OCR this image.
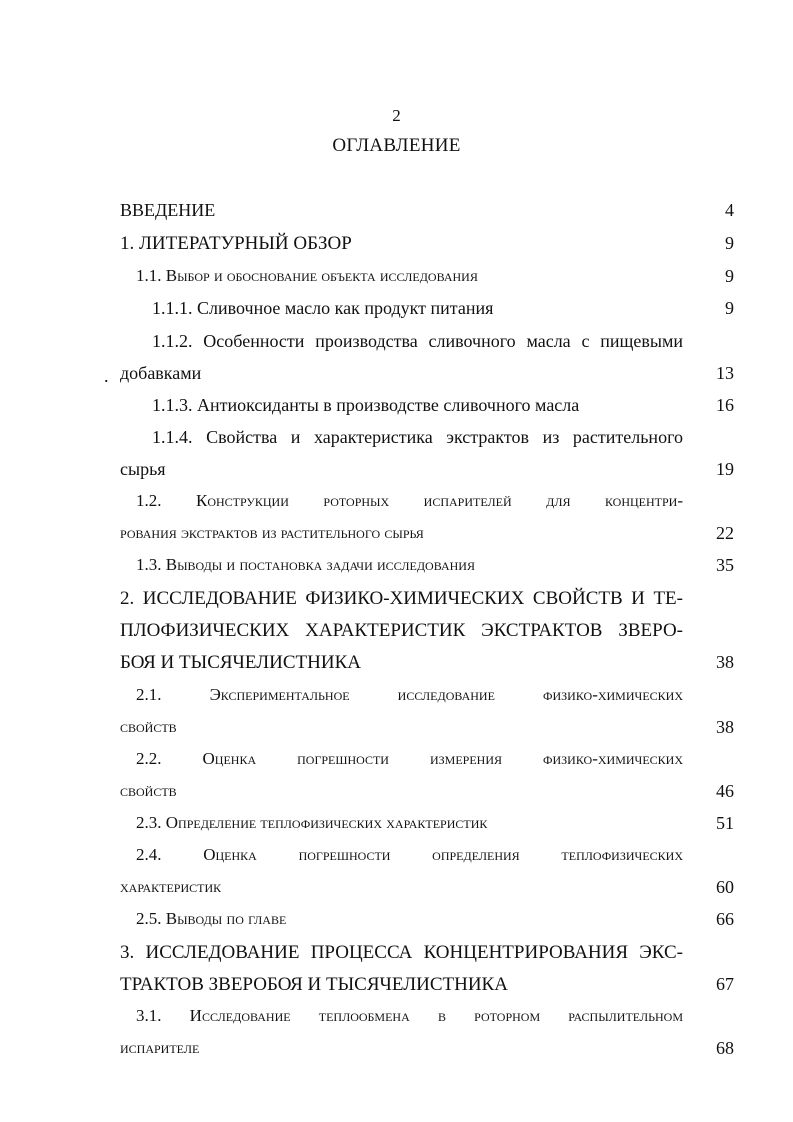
2
ОГЛАВЛЕНИЕ
.
ВВЕДЕНИЕ	4
1. ЛИТЕРАТУРНЫЙ ОБЗОР	9
1.1. Выбор и обоснование объекта исследования	9
1.1.1. Сливочное масло как продукт питания	9
1.1.2. Особенности производства сливочного масла с пищевыми
добавками	13
1.1.3. Антиоксиданты в производстве сливочного масла	16
1.1.4. Свойства и характеристика экстрактов из растительного
сырья	19
1.2. Конструкции роторных испарителей для концентри-
рования экстрактов из растительного сырья	22
1.3. Выводы и постановка задачи исследования	35
2. ИССЛЕДОВАНИЕ ФИЗИКО-ХИМИЧЕСКИХ СВОЙСТВ И ТЕ-
ПЛОФИЗИЧЕСКИХ ХАРАКТЕРИСТИК ЭКСТРАКТОВ ЗВЕРО-
БОЯ И ТЫСЯЧЕЛИСТНИКА	38
2.1. Экспериментальное исследование физико-химических
свойств	38
2.2. Оценка погрешности измерения физико-химических
свойств	46
2.3. Определение теплофизических характеристик	51
2.4. Оценка погрешности определения теплофизических
характеристик	60
2.5. Выводы по главе	66
3. ИССЛЕДОВАНИЕ ПРОЦЕССА КОНЦЕНТРИРОВАНИЯ ЭКС-
ТРАКТОВ ЗВЕРОБОЯ И ТЫСЯЧЕЛИСТНИКА	67
3.1. Исследование теплообмена в роторном распылительном
испарителе	68
